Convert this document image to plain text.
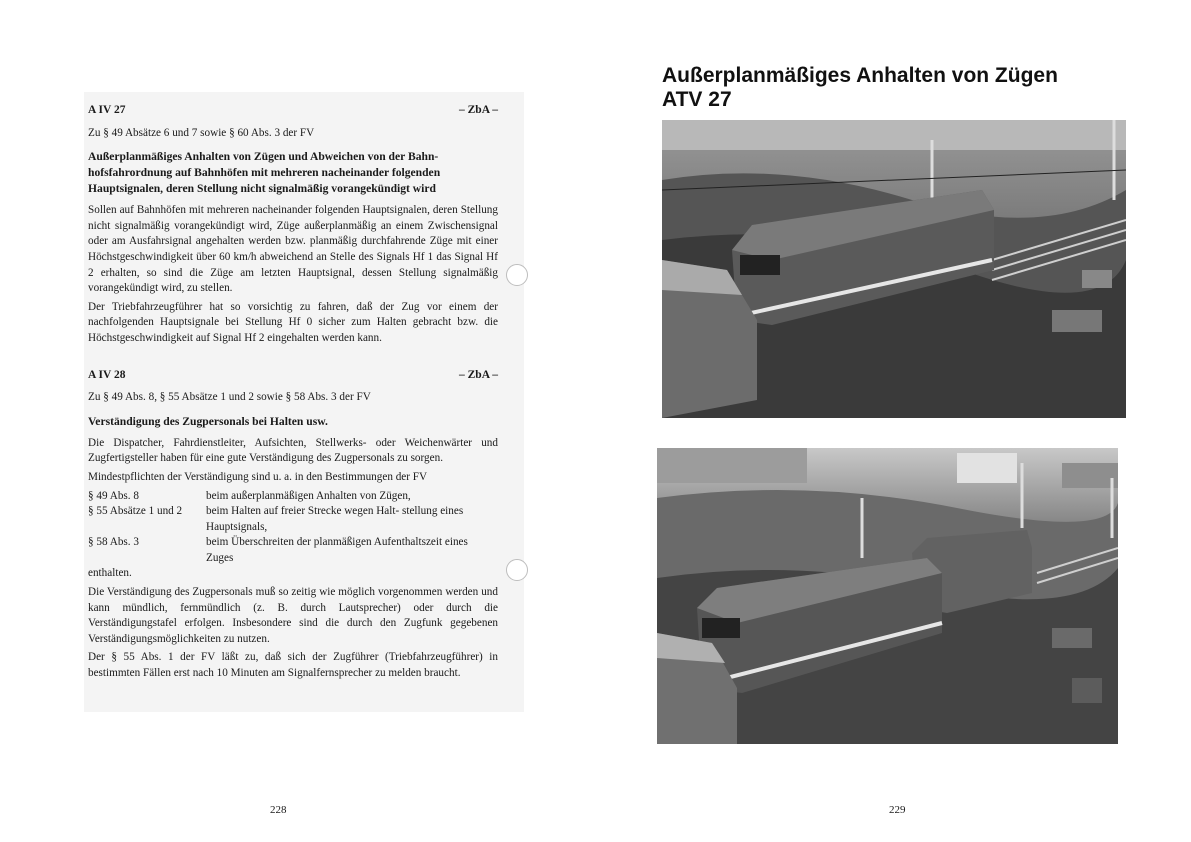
A IV 27	– ZbA –
Zu § 49 Absätze 6 und 7 sowie § 60 Abs. 3 der FV
Außerplanmäßiges Anhalten von Zügen und Abweichen von der Bahn-
hofsfahrordnung auf Bahnhöfen mit mehreren nacheinander folgenden
Hauptsignalen, deren Stellung nicht signalmäßig vorangekündigt wird

Sollen auf Bahnhöfen mit mehreren nacheinander folgenden Hauptsignalen, deren Stellung nicht signalmäßig vorangekündigt wird, Züge außerplanmäßig an einem Zwischensignal oder am Ausfahrsignal angehalten werden bzw. planmäßig durchfahrende Züge mit einer Höchstgeschwindigkeit über 60 km/h abweichend an Stelle des Signals Hf 1 das Signal Hf 2 erhalten, so sind die Züge am letzten Hauptsignal, dessen Stellung signalmäßig vorangekündigt wird, zu stellen.

Der Triebfahrzeugführer hat so vorsichtig zu fahren, daß der Zug vor einem der nachfolgenden Hauptsignale bei Stellung Hf 0 sicher zum Halten gebracht bzw. die Höchstgeschwindigkeit auf Signal Hf 2 eingehalten werden kann.

A IV 28	– ZbA –
Zu § 49 Abs. 8, § 55 Absätze 1 und 2 sowie § 58 Abs. 3 der FV
Verständigung des Zugpersonals bei Halten usw.

Die Dispatcher, Fahrdienstleiter, Aufsichten, Stellwerks- oder Weichenwärter und Zugfertigsteller haben für eine gute Verständigung des Zugpersonals zu sorgen.

Mindestpflichten der Verständigung sind u. a. in den Bestimmungen der FV

§ 49 Abs. 8	beim außerplanmäßigen Anhalten von Zügen,
§ 55 Absätze 1 und 2	beim Halten auf freier Strecke wegen Halt- stellung eines Hauptsignals,
§ 58 Abs. 3	beim Überschreiten der planmäßigen Aufenthaltszeit eines Zuges

enthalten.

Die Verständigung des Zugpersonals muß so zeitig wie möglich vorgenommen werden und kann mündlich, fernmündlich (z. B. durch Lautsprecher) oder durch die Verständigungstafel erfolgen. Insbesondere sind die durch den Zugfunk gegebenen Verständigungsmöglichkeiten zu nutzen.

Der § 55 Abs. 1 der FV läßt zu, daß sich der Zugführer (Triebfahrzeugführer) in bestimmten Fällen erst nach 10 Minuten am Signalfernsprecher zu melden braucht.

228
Außerplanmäßiges Anhalten von Zügen
ATV 27
229
